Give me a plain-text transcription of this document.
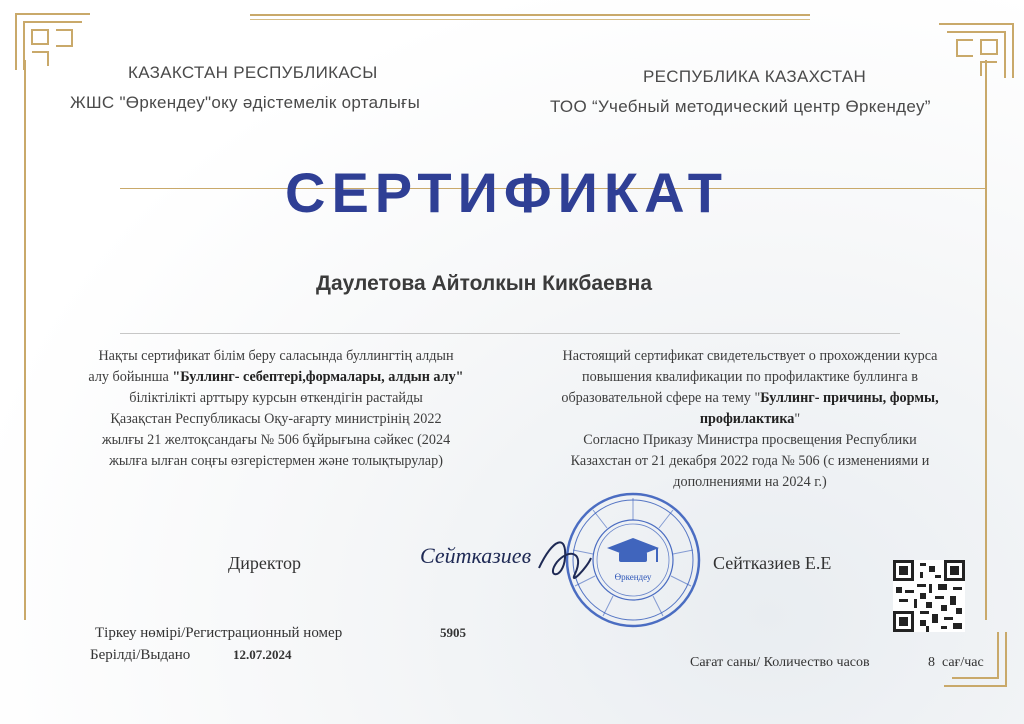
КАЗАКСТАН РЕСПУБЛИКАСЫ
ЖШС "Өркендеу"оку әдістемелік орталығы
РЕСПУБЛИКА КАЗАХСТАН
ТОО “Учебный методический центр Өркендеу”
СЕРТИФИКАТ
Даулетова Айтолкын Кикбаевна
Нақты сертификат білім беру саласында буллингтің алдын
алу бойынша "Буллинг- себептері,формалары, алдын алу"
біліктілікті арттыру курсын өткендігін растайды
Қазақстан Республикасы Оқу-ағарту министрінің 2022
жылғы 21 желтоқсандағы № 506 бұйрығына сәйкес (2024
жылға ылған соңғы өзгерістермен және толықтырулар)
Настоящий сертификат свидетельствует о прохождении курса
повышения квалификации по профилактике буллинга в
образовательной сфере на тему "Буллинг- причины, формы,
профилактика"
Согласно Приказу Министра просвещения Республики
Казахстан от 21 декабря 2022 года № 506 (с изменениями и
дополнениями на 2024 г.)
Өркендеу
Директор	Сейтказиев	Сейтказиев Е.Е
Тіркеу нөмірі/Регистрационный номер	5905
Берілді/Выдано	12.07.2024
Сағат саны/ Количество часов	8 сағ/час
